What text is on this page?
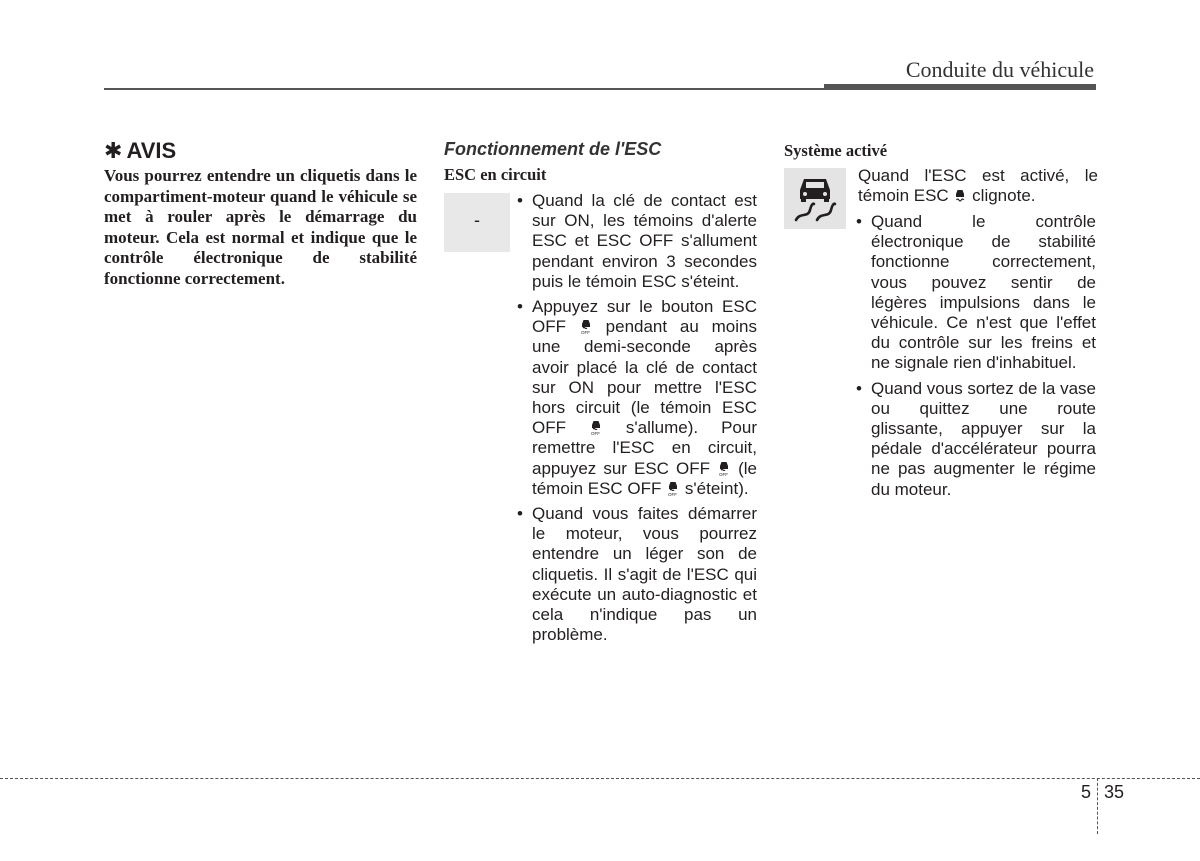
Conduite du véhicule
✱ AVIS
Vous pourrez entendre un cliquetis dans le compartiment-moteur quand le véhicule se met à rouler après le démarrage du moteur. Cela est normal et indique que le contrôle électronique de stabilité fonctionne correctement.
Fonctionnement de l'ESC
ESC en circuit
-
• Quand la clé de contact est sur ON, les témoins d'alerte ESC et ESC OFF s'allument pendant environ 3 secondes puis le témoin ESC s'éteint.
• Appuyez sur le bouton ESC OFF	OFF pendant au moins une demi-seconde après avoir placé la clé de contact sur ON pour mettre l'ESC hors circuit (le témoin ESC OFF	OFF s'allume). Pour remettre l'ESC en circuit, appuyez sur ESC OFF OFF (le témoin ESC OFF OFF s'éteint).
• Quand vous faites démarrer le moteur, vous pourrez entendre un léger son de cliquetis. Il s'agit de l'ESC qui exécute un auto-diagnostic et cela n'indique pas un problème.
Système activé
Quand l'ESC est activé, le témoin ESC clignote.
• Quand le contrôle électronique de stabilité fonctionne correctement, vous pouvez sentir de légères impulsions dans le véhicule. Ce n'est que l'effet du contrôle sur les freins et ne signale rien d'inhabituel.
• Quand vous sortez de la vase ou quittez une route glissante, appuyer sur la pédale d'accélérateur pourra ne pas augmenter le régime du moteur.
5 35
